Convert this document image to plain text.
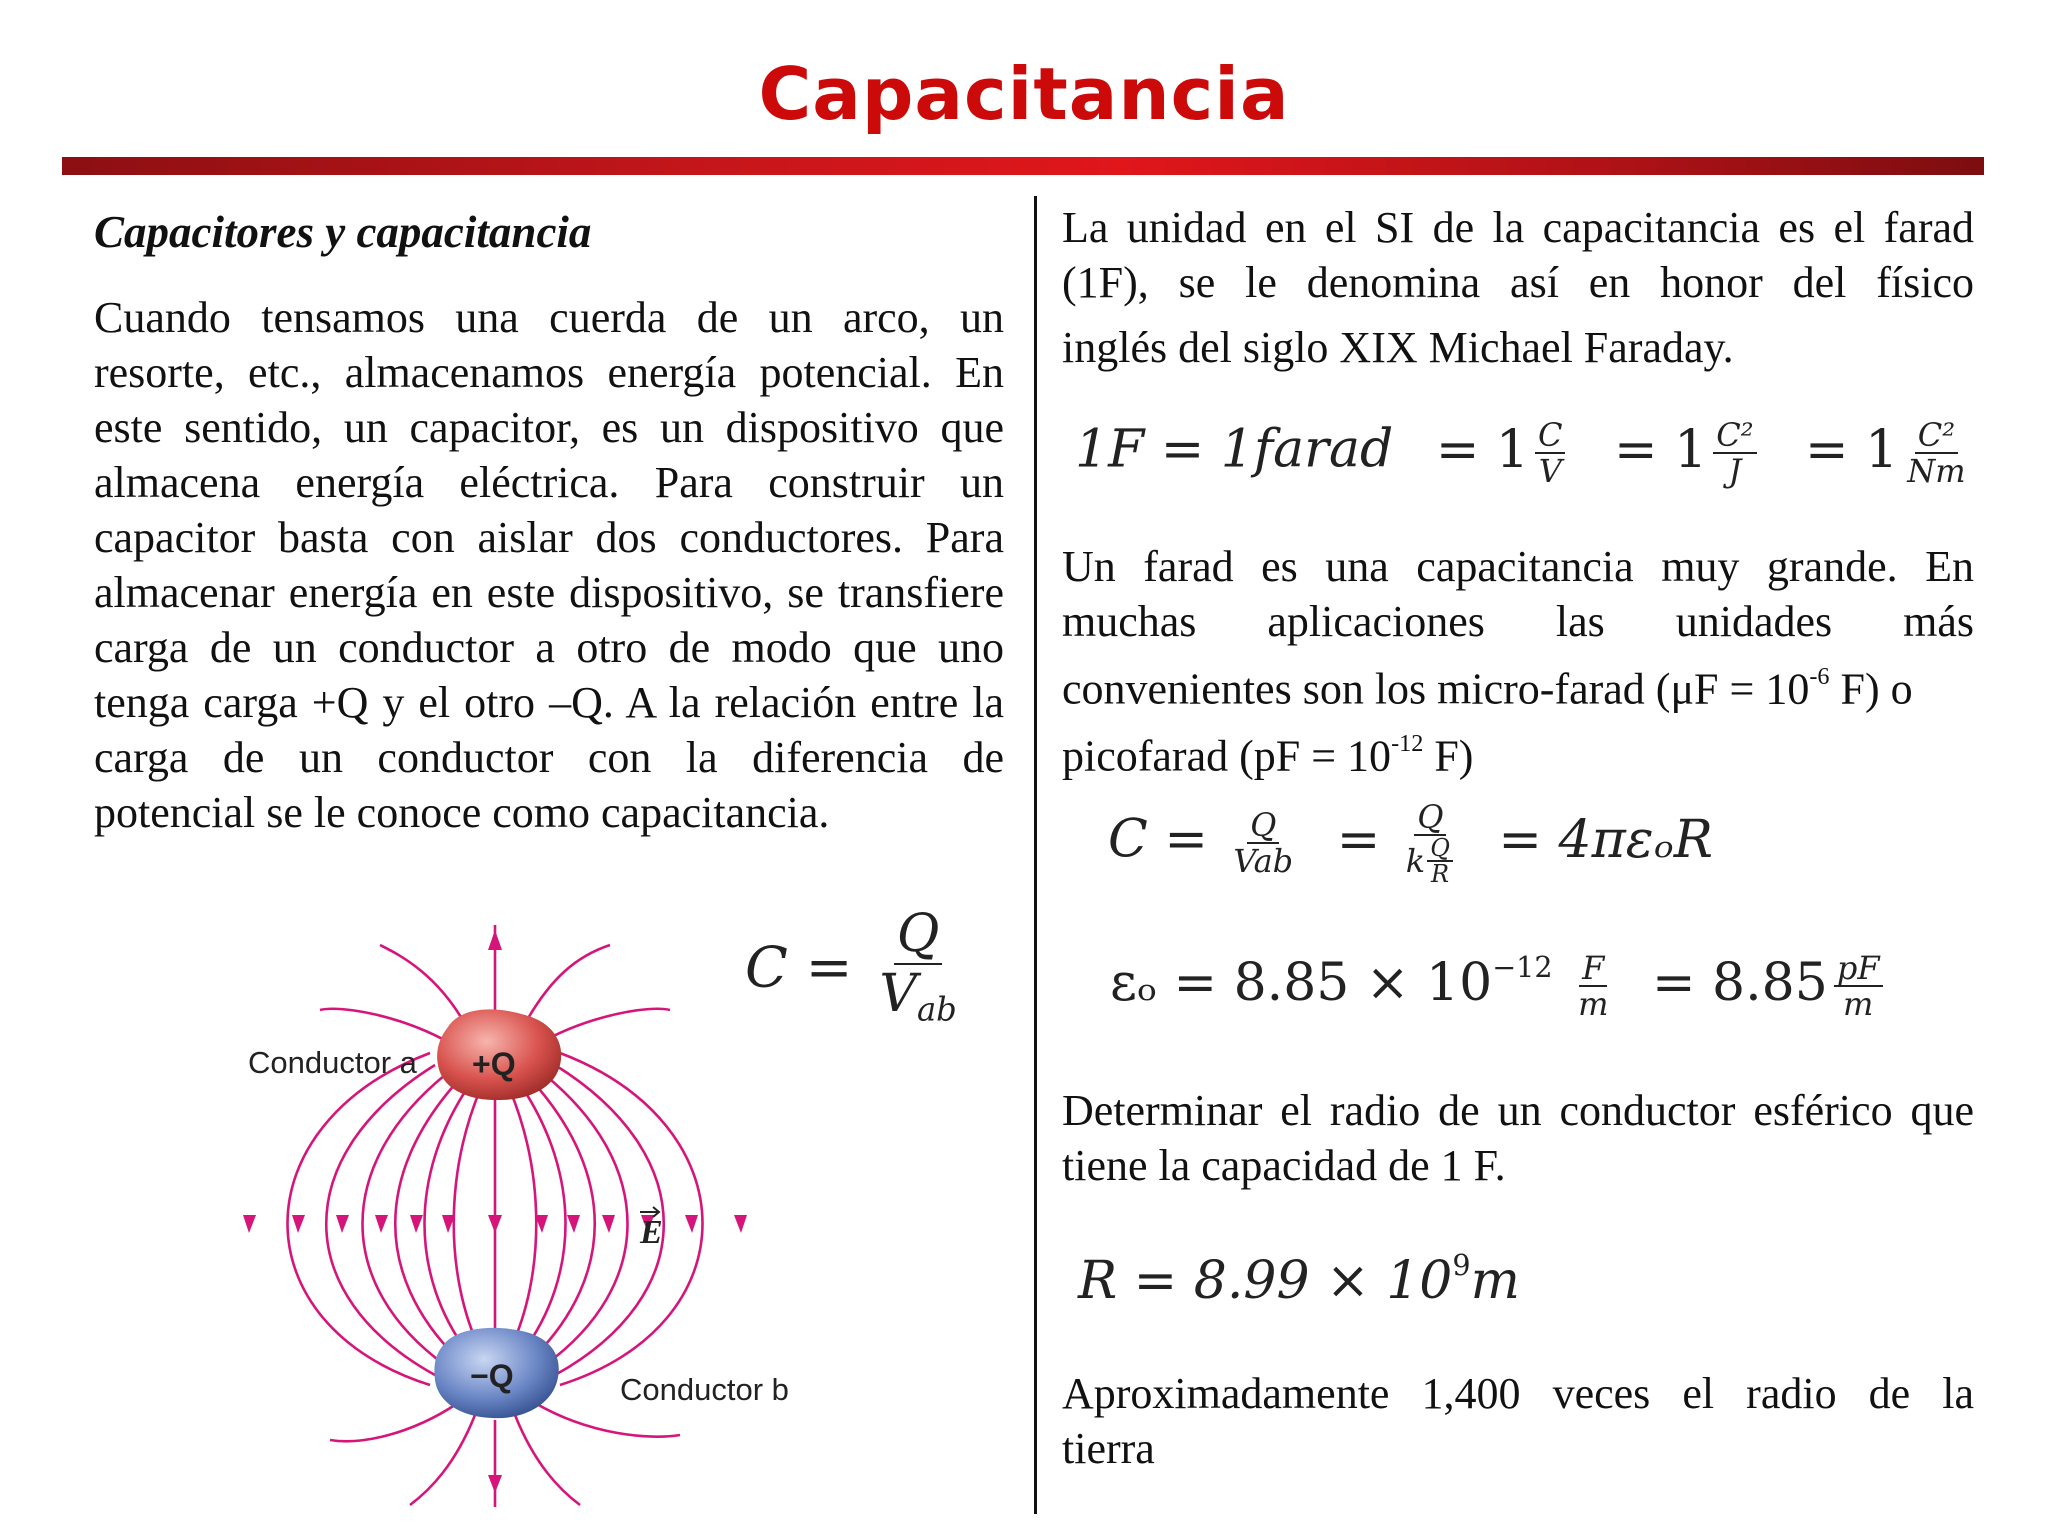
Capacitancia
Capacitores y capacitancia

Cuando tensamos una cuerda de un arco, un resorte, etc., almacenamos energía potencial. En este sentido, un capacitor, es un dispositivo que almacena energía eléctrica. Para construir un capacitor basta con aislar dos conductores. Para almacenar energía en este dispositivo, se transfiere carga de un conductor a otro de modo que uno tenga carga +Q y el otro –Q. A la relación entre la carga de un conductor con la diferencia de potencial se le conoce como capacitancia.

$C = \frac{Q}{V_{ab}}$
+Q
−Q
E
Conductor a
Conductor b
La unidad en el SI de la capacitancia es el farad
(1F), se le denomina así en honor del físico
inglés del siglo XIX Michael Faraday.
1F = 1farad = $1 \frac{C}{V} = 1 \frac{\text{C²}}{J} = 1 \frac{\text{C²}}{Nm}$
Un farad es una capacitancia muy grande. En
muchas aplicaciones las unidades más
convenientes son los micro-farad ($\mu F = 10^{-6}$ F) o
picofarad ($pF = 10^{-12}$ F)
$C = \frac{Q}{\text{Vab}} = \frac{Q}{k \frac{Q}{R}} = 4\pi\varepsilon_oR$
$\varepsilon_o = 8.85 \times 10^{-12} \frac{F}{m} = 8.85 \frac{pF}{m}$
Determinar el radio de un conductor esférico que
tiene la capacidad de 1 F.
$R = 8.99 \times 10^9m$
Aproximadamente 1,400 veces el radio de la
tierra
